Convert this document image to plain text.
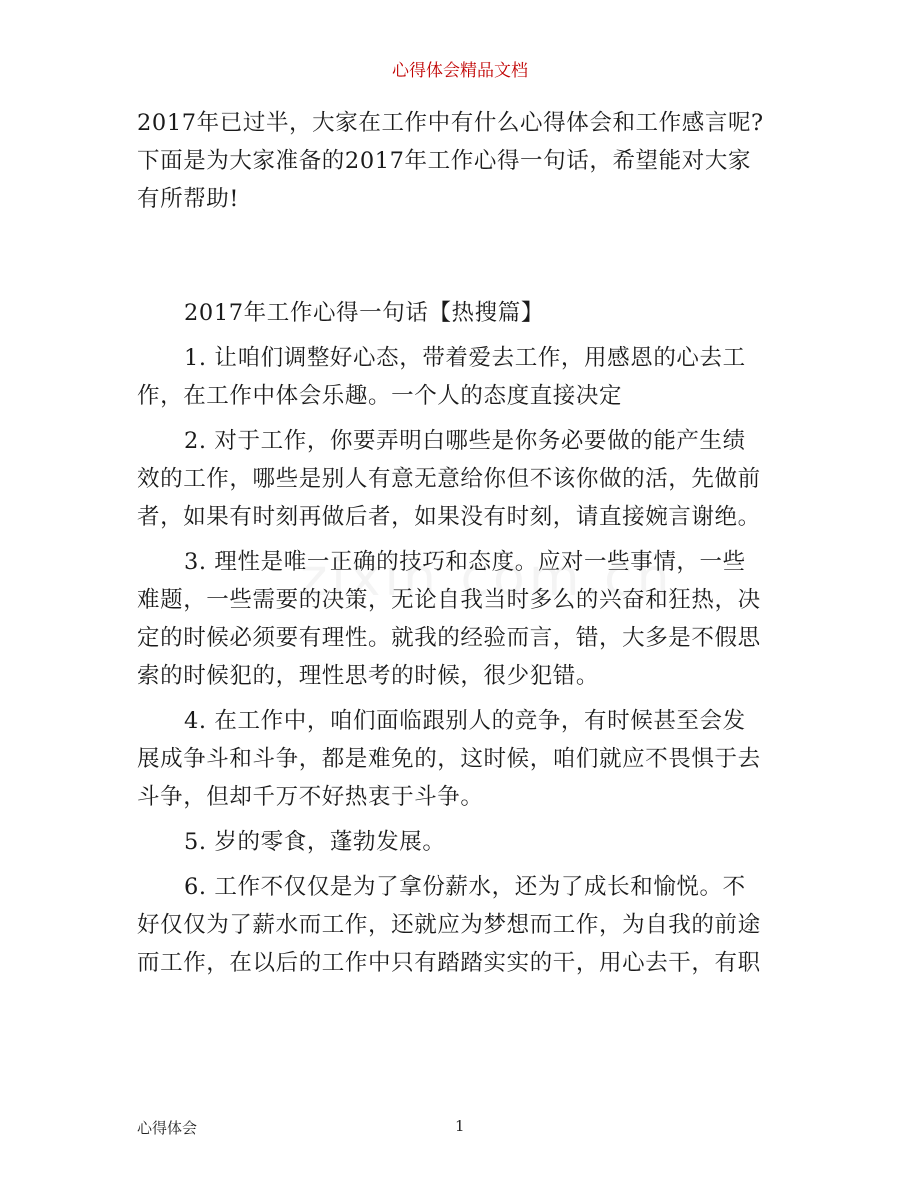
心得体会精品文档

2017年已过半，大家在工作中有什么心得体会和工作感言呢?

下面是为大家准备的2017年工作心得一句话，希望能对大家

有所帮助!

2017年工作心得一句话【热搜篇】

1. 让咱们调整好心态，带着爱去工作，用感恩的心去工

作，在工作中体会乐趣。一个人的态度直接决定

2. 对于工作，你要弄明白哪些是你务必要做的能产生绩

效的工作，哪些是别人有意无意给你但不该你做的活，先做前

者，如果有时刻再做后者，如果没有时刻，请直接婉言谢绝。

3. 理性是唯一正确的技巧和态度。应对一些事情，一些

难题，一些需要的决策，无论自我当时多么的兴奋和狂热，决

定的时候必须要有理性。就我的经验而言，错，大多是不假思

索的时候犯的，理性思考的时候，很少犯错。

4. 在工作中，咱们面临跟别人的竞争，有时候甚至会发

展成争斗和斗争，都是难免的，这时候，咱们就应不畏惧于去

斗争，但却千万不好热衷于斗争。

5. 岁的零食，蓬勃发展。

6. 工作不仅仅是为了拿份薪水，还为了成长和愉悦。不

好仅仅为了薪水而工作，还就应为梦想而工作，为自我的前途

而工作，在以后的工作中只有踏踏实实的干，用心去干，有职

心得体会	1
